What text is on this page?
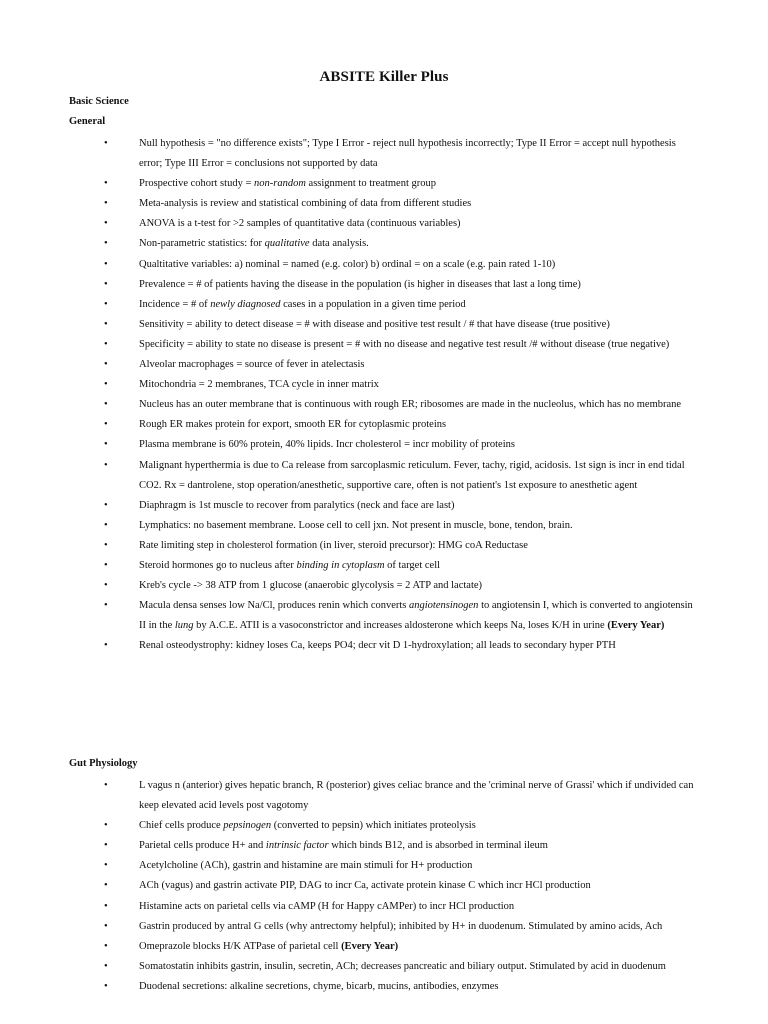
ABSITE Killer Plus
Basic Science
General
•	Null hypothesis = "no difference exists"; Type I Error - reject null hypothesis incorrectly; Type II Error = accept null hypothesis error; Type III Error = conclusions not supported by data
•	Prospective cohort study = non-random assignment to treatment group
•	Meta-analysis is review and statistical combining of data from different studies
•	ANOVA is a t-test for >2 samples of quantitative data (continuous variables)
•	Non-parametric statistics: for qualitative data analysis.
•	Qualtitative variables: a) nominal = named (e.g. color) b) ordinal = on a scale (e.g. pain rated 1-10)
•	Prevalence = # of patients having the disease in the population (is higher in diseases that last a long time)
•	Incidence = # of newly diagnosed cases in a population in a given time period
•	Sensitivity = ability to detect disease = # with disease and positive test result / # that have disease (true positive)
•	Specificity = ability to state no disease is present = # with no disease and negative test result /# without disease (true negative)
•	Alveolar macrophages = source of fever in atelectasis
•	Mitochondria = 2 membranes, TCA cycle in inner matrix
•	Nucleus has an outer membrane that is continuous with rough ER; ribosomes are made in the nucleolus, which has no membrane
•	Rough ER makes protein for export, smooth ER for cytoplasmic proteins
•	Plasma membrane is 60% protein, 40% lipids. Incr cholesterol = incr mobility of proteins
•	Malignant hyperthermia is due to Ca release from sarcoplasmic reticulum. Fever, tachy, rigid, acidosis. 1st sign is incr in end tidal CO2. Rx = dantrolene, stop operation/anesthetic, supportive care, often is not patient's 1st exposure to anesthetic agent
•	Diaphragm is 1st muscle to recover from paralytics (neck and face are last)
•	Lymphatics: no basement membrane. Loose cell to cell jxn. Not present in muscle, bone, tendon, brain.
•	Rate limiting step in cholesterol formation (in liver, steroid precursor): HMG coA Reductase
•	Steroid hormones go to nucleus after binding in cytoplasm of target cell
•	Kreb's cycle -> 38 ATP from 1 glucose (anaerobic glycolysis = 2 ATP and lactate)
•	Macula densa senses low Na/Cl, produces renin which converts angiotensinogen to angiotensin I, which is converted to angiotensin II in the lung by A.C.E. ATII is a vasoconstrictor and increases aldosterone which keeps Na, loses K/H in urine (Every Year)
•	Renal osteodystrophy: kidney loses Ca, keeps PO4; decr vit D 1-hydroxylation; all leads to secondary hyper PTH
Gut Physiology
•	L vagus n (anterior) gives hepatic branch, R (posterior) gives celiac brance and the 'criminal nerve of Grassi' which if undivided can keep elevated acid levels post vagotomy
•	Chief cells produce pepsinogen (converted to pepsin) which initiates proteolysis
•	Parietal cells produce H+ and intrinsic factor which binds B12, and is absorbed in terminal ileum
•	Acetylcholine (ACh), gastrin and histamine are main stimuli for H+ production
•	ACh (vagus) and gastrin activate PIP, DAG to incr Ca, activate protein kinase C which incr HCl production
•	Histamine acts on parietal cells via cAMP (H for Happy cAMPer) to incr HCl production
•	Gastrin produced by antral G cells (why antrectomy helpful); inhibited by H+ in duodenum. Stimulated by amino acids, Ach
•	Omeprazole blocks H/K ATPase of parietal cell (Every Year)
•	Somatostatin inhibits gastrin, insulin, secretin, ACh; decreases pancreatic and biliary output. Stimulated by acid in duodenum
•	Duodenal secretions: alkaline secretions, chyme, bicarb, mucins, antibodies, enzymes
